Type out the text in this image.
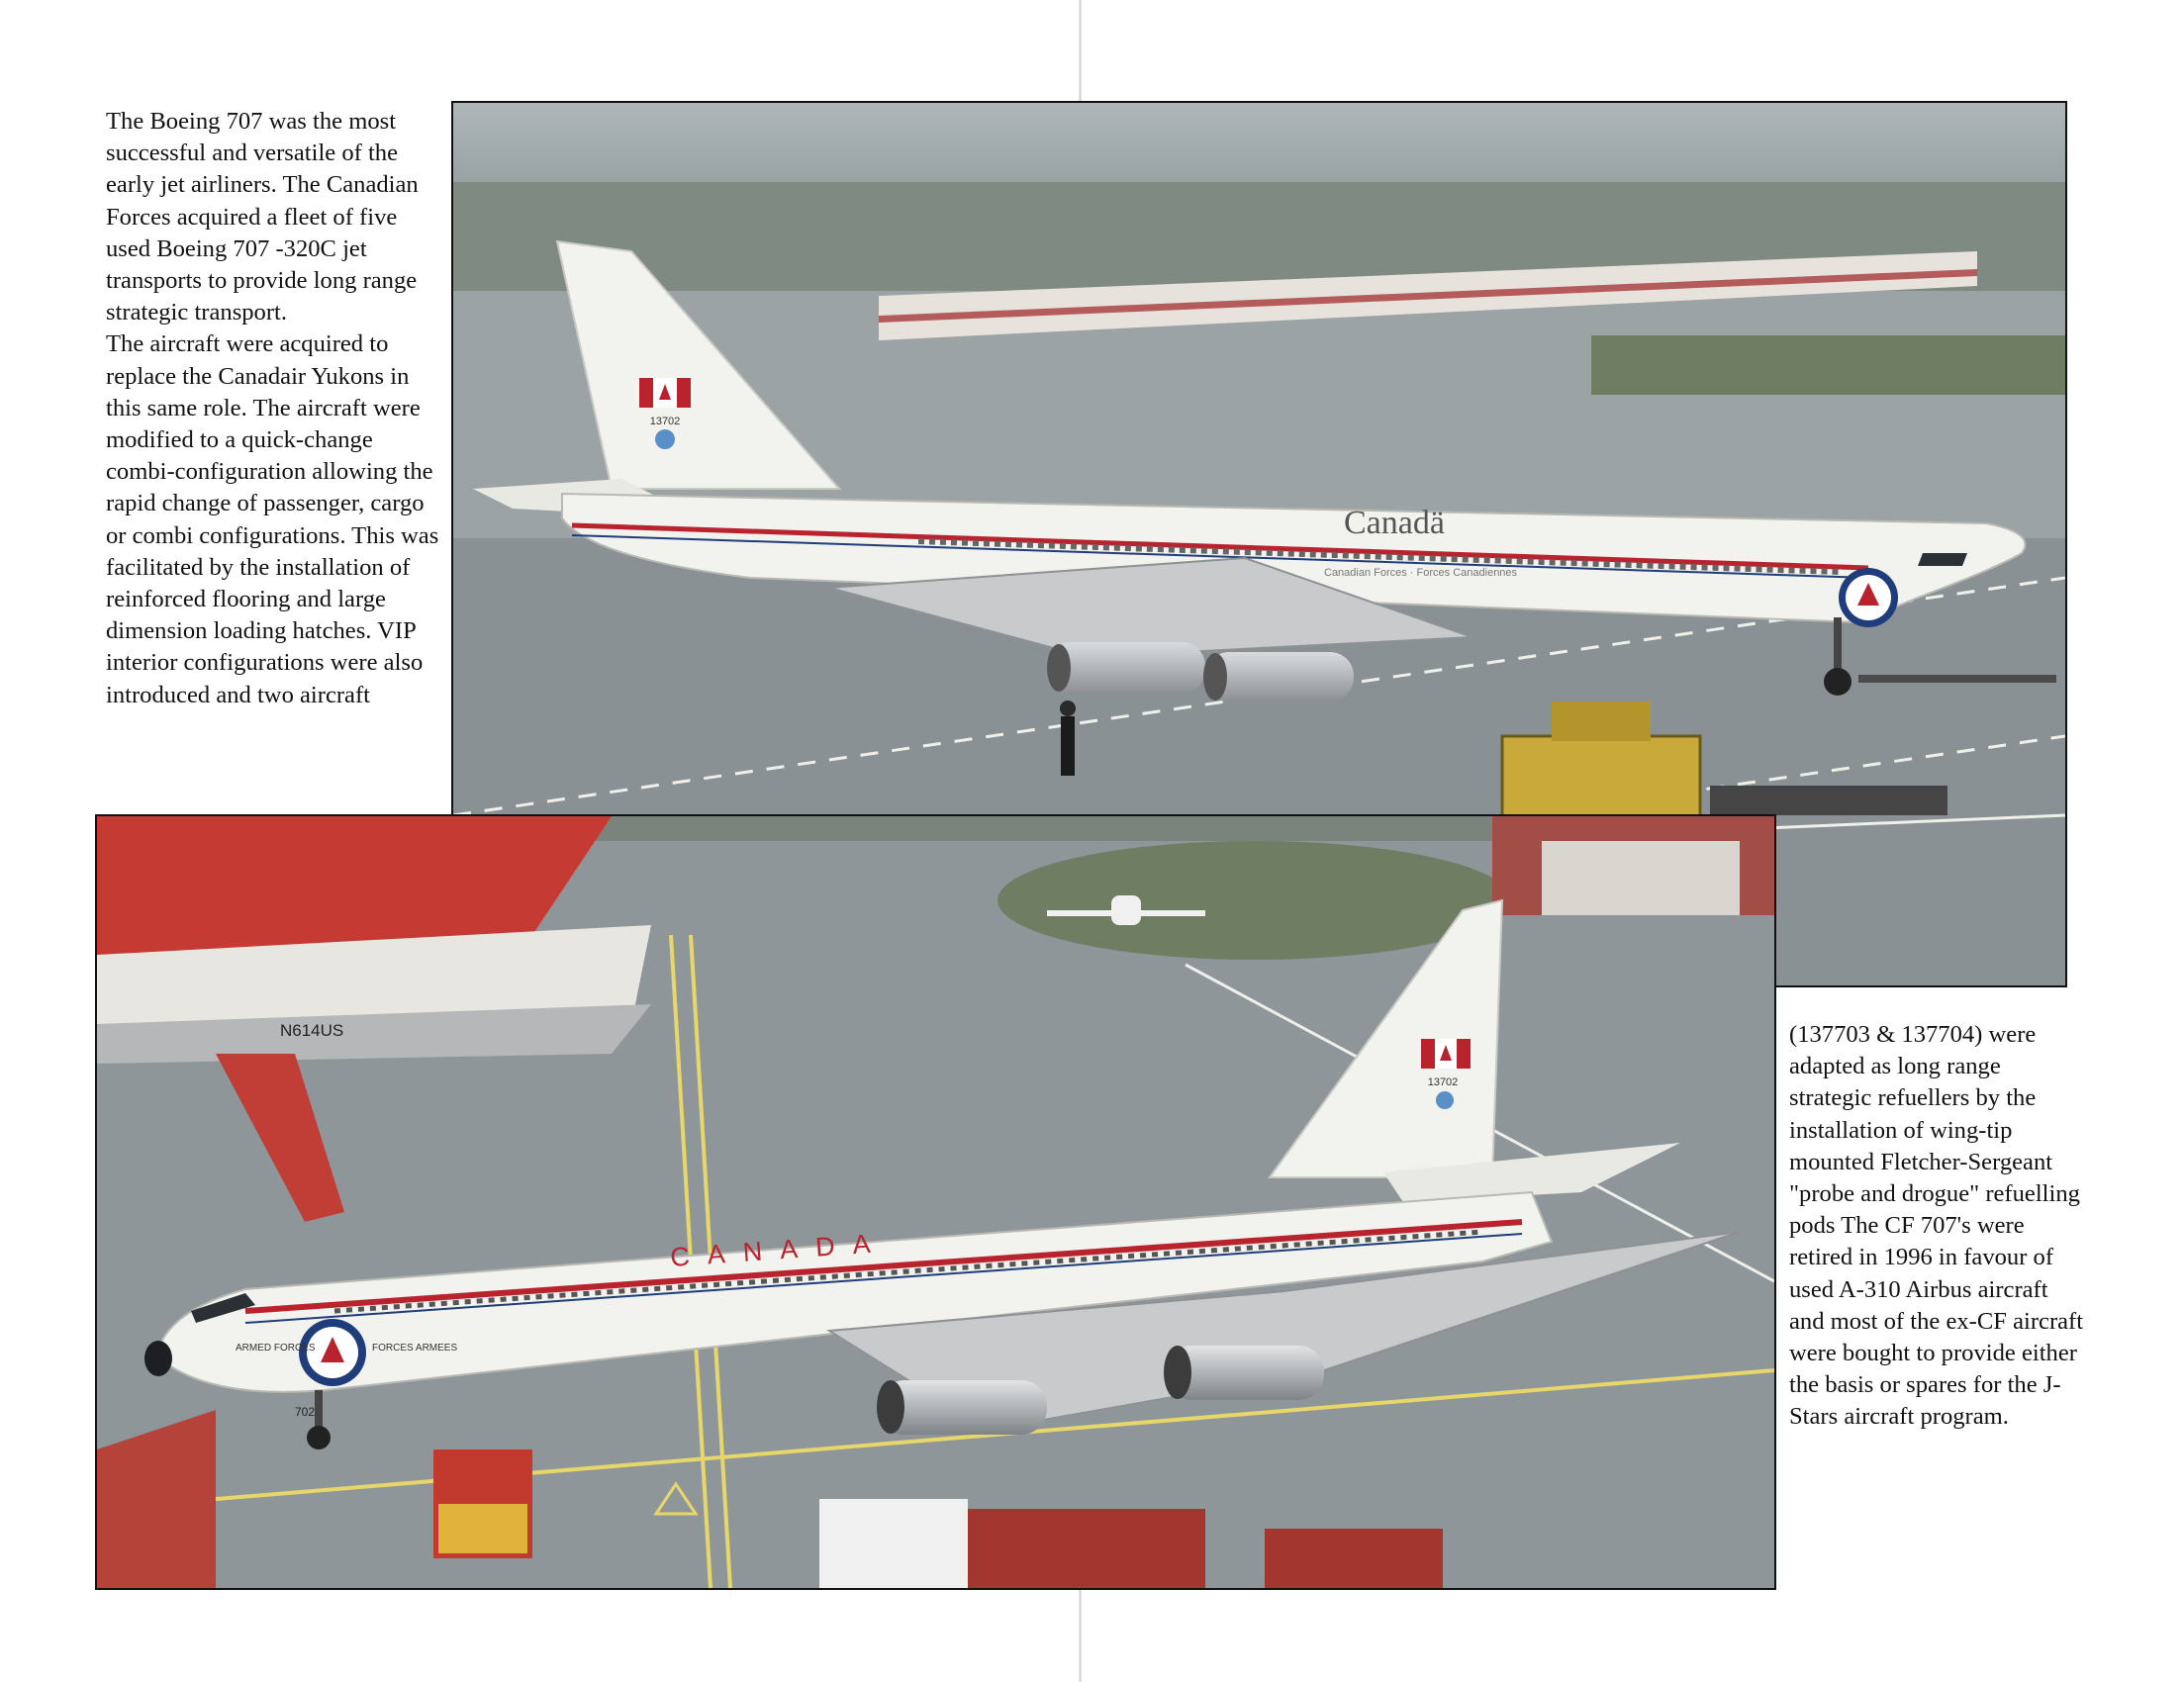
The Boeing 707 was the most successful and versatile of the early jet airliners. The Canadian Forces acquired a fleet of five used Boeing 707 -320C jet transports to provide long range strategic transport.

The aircraft were acquired to replace the Canadair Yukons in this same role. The aircraft were modified to a quick-change combi-configuration allowing the rapid change of passenger, cargo or combi configurations. This was facilitated by the installation of reinforced flooring and large dimension loading hatches. VIP interior configurations were also introduced and two aircraft

13702
Canadä
Canadian Forces · Forces Canadiennes
N614US
13702
C A N A D A
ARMED FORCES	FORCES ARMEES
702

(137703 & 137704) were adapted as long range strategic refuellers by the installation of wing-tip mounted Fletcher-Sergeant "probe and drogue" refuelling pods The CF 707's were retired in 1996 in favour of used A-310 Airbus aircraft and most of the ex-CF aircraft were bought to provide either the basis or spares for the J-Stars aircraft program.
